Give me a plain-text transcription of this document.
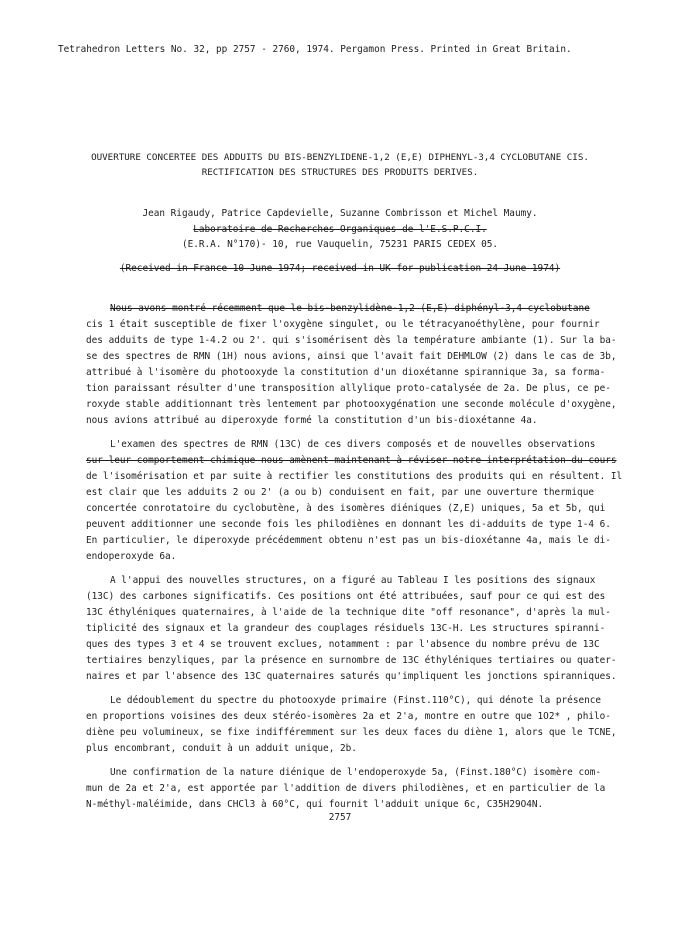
Tetrahedron Letters No. 32, pp 2757 - 2760, 1974. Pergamon Press. Printed in Great Britain.
OUVERTURE CONCERTEE DES ADDUITS DU BIS-BENZYLIDENE-1,2 (E,E) DIPHENYL-3,4 CYCLOBUTANE CIS.
RECTIFICATION DES STRUCTURES DES PRODUITS DERIVES.
Jean Rigaudy, Patrice Capdevielle, Suzanne Combrisson et Michel Maumy.
Laboratoire de Recherches Organiques de l'E.S.P.C.I.
(E.R.A. N°170)- 10, rue Vauquelin, 75231 PARIS CEDEX 05.
(Received in France 10 June 1974; received in UK for publication 24 June 1974)
Nous avons montré récemment que le bis-benzylidène-1,2 (E,E) diphényl-3,4 cyclobutane
cis 1 était susceptible de fixer l'oxygène singulet, ou le tétracyanoéthylène, pour fournir
des adduits de type 1-4.2 ou 2'. qui s'isomérisent dès la température ambiante (1). Sur la ba-
se des spectres de RMN (1H) nous avions, ainsi que l'avait fait DEHMLOW (2) dans le cas de 3b,
attribué à l'isomère du photooxyde la constitution d'un dioxétanne spirannique 3a, sa forma-
tion paraissant résulter d'une transposition allylique proto-catalysée de 2a. De plus, ce pe-
roxyde stable additionnant très lentement par photooxygénation une seconde molécule d'oxygène,
nous avions attribué au diperoxyde formé la constitution d'un bis-dioxétanne 4a.
L'examen des spectres de RMN (13C) de ces divers composés et de nouvelles observations
sur leur comportement chimique nous amènent maintenant à réviser notre interprétation du cours
de l'isomérisation et par suite à rectifier les constitutions des produits qui en résultent. Il
est clair que les adduits 2 ou 2' (a ou b) conduisent en fait, par une ouverture thermique
concertée conrotatoire du cyclobutène, à des isomères diéniques (Z,E) uniques, 5a et 5b, qui
peuvent additionner une seconde fois les philodiènes en donnant les di-adduits de type 1-4 6.
En particulier, le diperoxyde précédemment obtenu n'est pas un bis-dioxétanne 4a, mais le di-
endoperoxyde 6a.
A l'appui des nouvelles structures, on a figuré au Tableau I les positions des signaux
(13C) des carbones significatifs. Ces positions ont été attribuées, sauf pour ce qui est des
13C éthyléniques quaternaires, à l'aide de la technique dite "off resonance", d'après la mul-
tiplicité des signaux et la grandeur des couplages résiduels 13C-H. Les structures spiranni-
ques des types 3 et 4 se trouvent exclues, notamment : par l'absence du nombre prévu de 13C
tertiaires benzyliques, par la présence en surnombre de 13C éthyléniques tertiaires ou quater-
naires et par l'absence des 13C quaternaires saturés qu'impliquent les jonctions spiranniques.
Le dédoublement du spectre du photooxyde primaire (Finst.110°C), qui dénote la présence
en proportions voisines des deux stéréo-isomères 2a et 2'a, montre en outre que 1O2* , philo-
diène peu volumineux, se fixe indifféremment sur les deux faces du diène 1, alors que le TCNE,
plus encombrant, conduit à un adduit unique, 2b.
Une confirmation de la nature diénique de l'endoperoxyde 5a, (Finst.180°C) isomère com-
mun de 2a et 2'a, est apportée par l'addition de divers philodiènes, et en particulier de la
N-méthyl-maléimide, dans CHCl3 à 60°C, qui fournit l'adduit unique 6c, C35H29O4N.
2757
